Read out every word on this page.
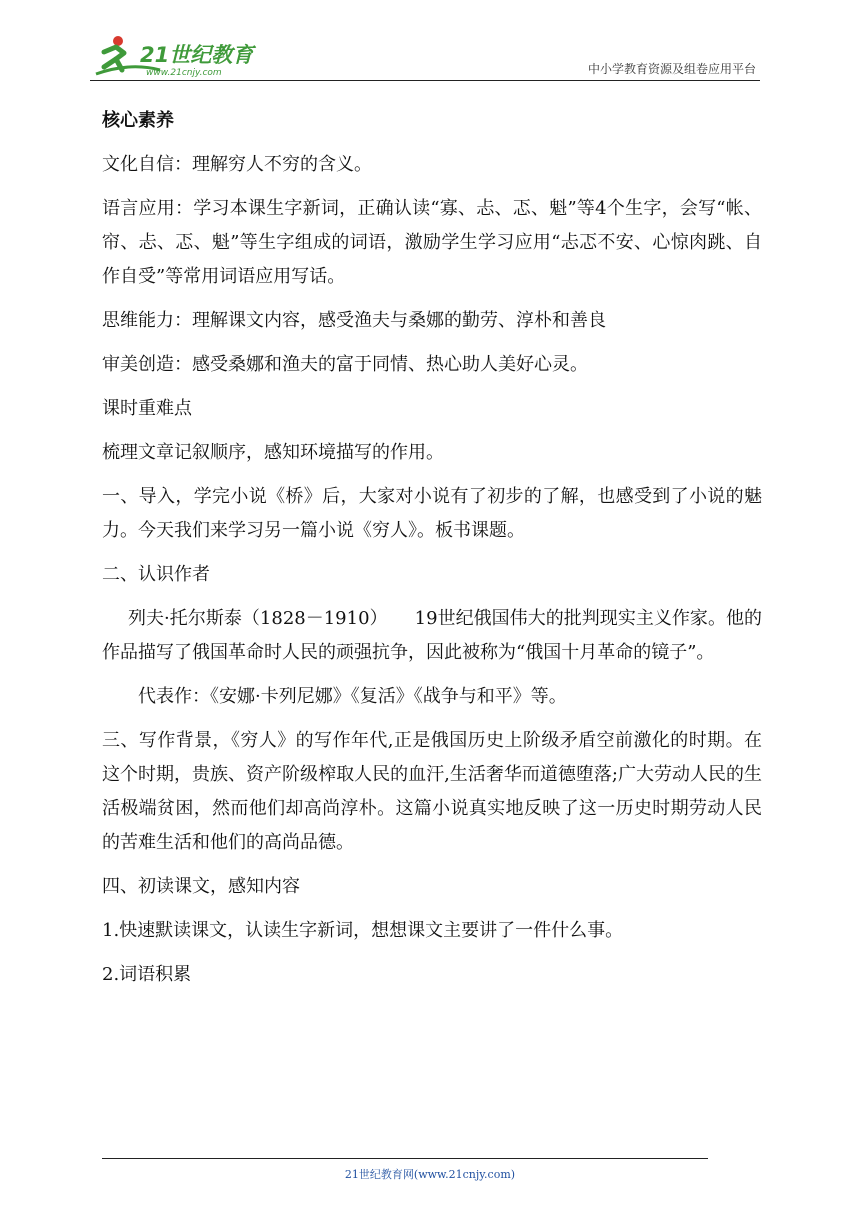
21世纪教育
www.21cnjy.com	中小学教育资源及组卷应用平台

核心素养

文化自信：理解穷人不穷的含义。

语言应用：学习本课生字新词，正确认读“寡、忐、忑、魁”等4个生字，会写“帐、帘、忐、忑、魁”等生字组成的词语，激励学生学习应用“忐忑不安、心惊肉跳、自作自受”等常用词语应用写话。

思维能力：理解课文内容，感受渔夫与桑娜的勤劳、淳朴和善良

审美创造：感受桑娜和渔夫的富于同情、热心助人美好心灵。

课时重难点

梳理文章记叙顺序，感知环境描写的作用。

一、导入，学完小说《桥》后，大家对小说有了初步的了解，也感受到了小说的魅力。今天我们来学习另一篇小说《穷人》。板书课题。

二、认识作者

列夫·托尔斯泰（1828－1910）　　19世纪俄国伟大的批判现实主义作家。他的作品描写了俄国革命时人民的顽强抗争，因此被称为“俄国十月革命的镜子”。

代表作：《安娜·卡列尼娜》《复活》《战争与和平》等。

三、写作背景，《穷人》的写作年代,正是俄国历史上阶级矛盾空前激化的时期。在这个时期，贵族、资产阶级榨取人民的血汗,生活奢华而道德堕落;广大劳动人民的生活极端贫困，然而他们却高尚淳朴。这篇小说真实地反映了这一历史时期劳动人民的苦难生活和他们的高尚品德。

四、初读课文，感知内容

1.快速默读课文，认读生字新词，想想课文主要讲了一件什么事。

2.词语积累

21世纪教育网(www.21cnjy.com)
